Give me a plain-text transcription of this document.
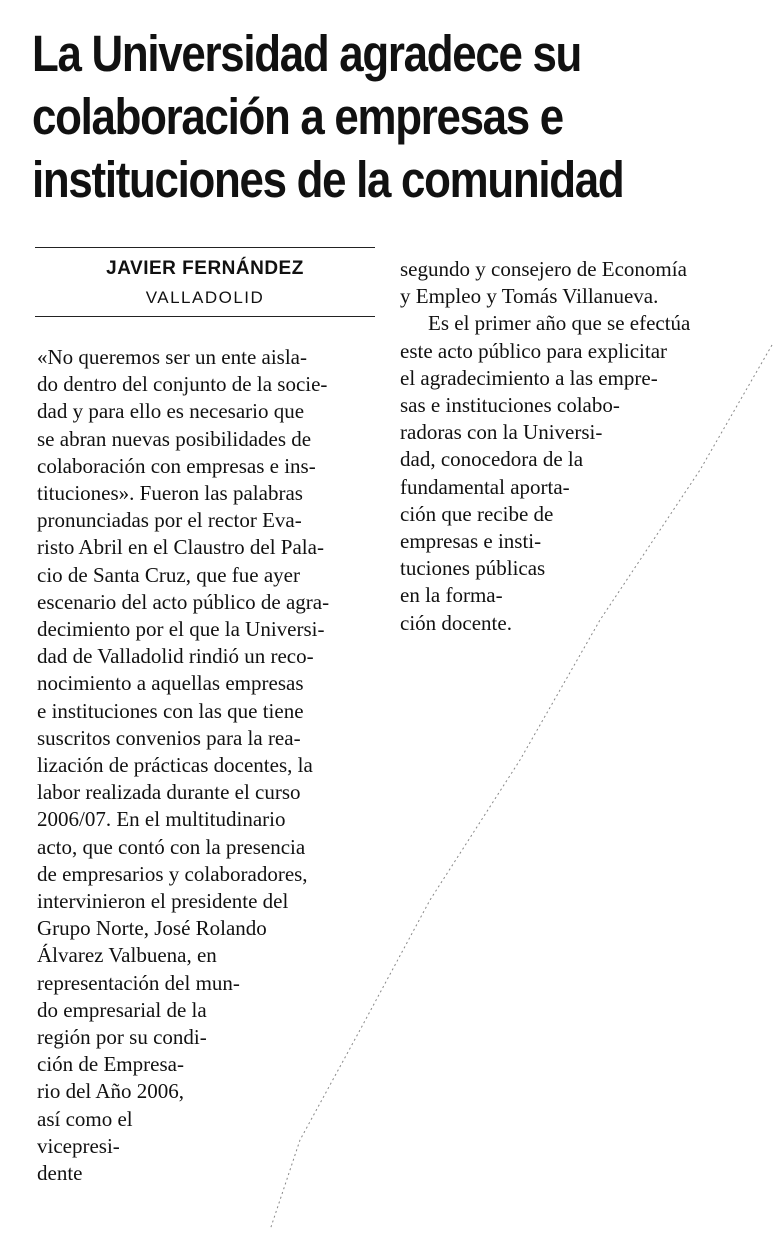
La Universidad agradece su
colaboración a empresas e
instituciones de la comunidad
JAVIER FERNÁNDEZ
VALLADOLID
«No queremos ser un ente aisla-
do dentro del conjunto de la socie-
dad y para ello es necesario que
se abran nuevas posibilidades de
colaboración con empresas e ins-
tituciones». Fueron las palabras
pronunciadas por el rector Eva-
risto Abril en el Claustro del Pala-
cio de Santa Cruz, que fue ayer
escenario del acto público de agra-
decimiento por el que la Universi-
dad de Valladolid rindió un reco-
nocimiento a aquellas empresas
e instituciones con las que tiene
suscritos convenios para la rea-
lización de prácticas docentes, la
labor realizada durante el curso
2006/07. En el multitudinario
acto, que contó con la presencia
de empresarios y colaboradores,
intervinieron el presidente del
Grupo Norte, José Rolando
Álvarez Valbuena, en
representación del mun-
do empresarial de la
región por su condi-
ción de Empresa-
rio del Año 2006,
así como el
vicepresi-
dente
segundo y consejero de Economía
y Empleo y Tomás Villanueva.
Es el primer año que se efectúa
este acto público para explicitar
el agradecimiento a las empre-
sas e instituciones colabo-
radoras con la Universi-
dad, conocedora de la
fundamental aporta-
ción que recibe de
empresas e insti-
tuciones públicas
en la forma-
ción docente.
